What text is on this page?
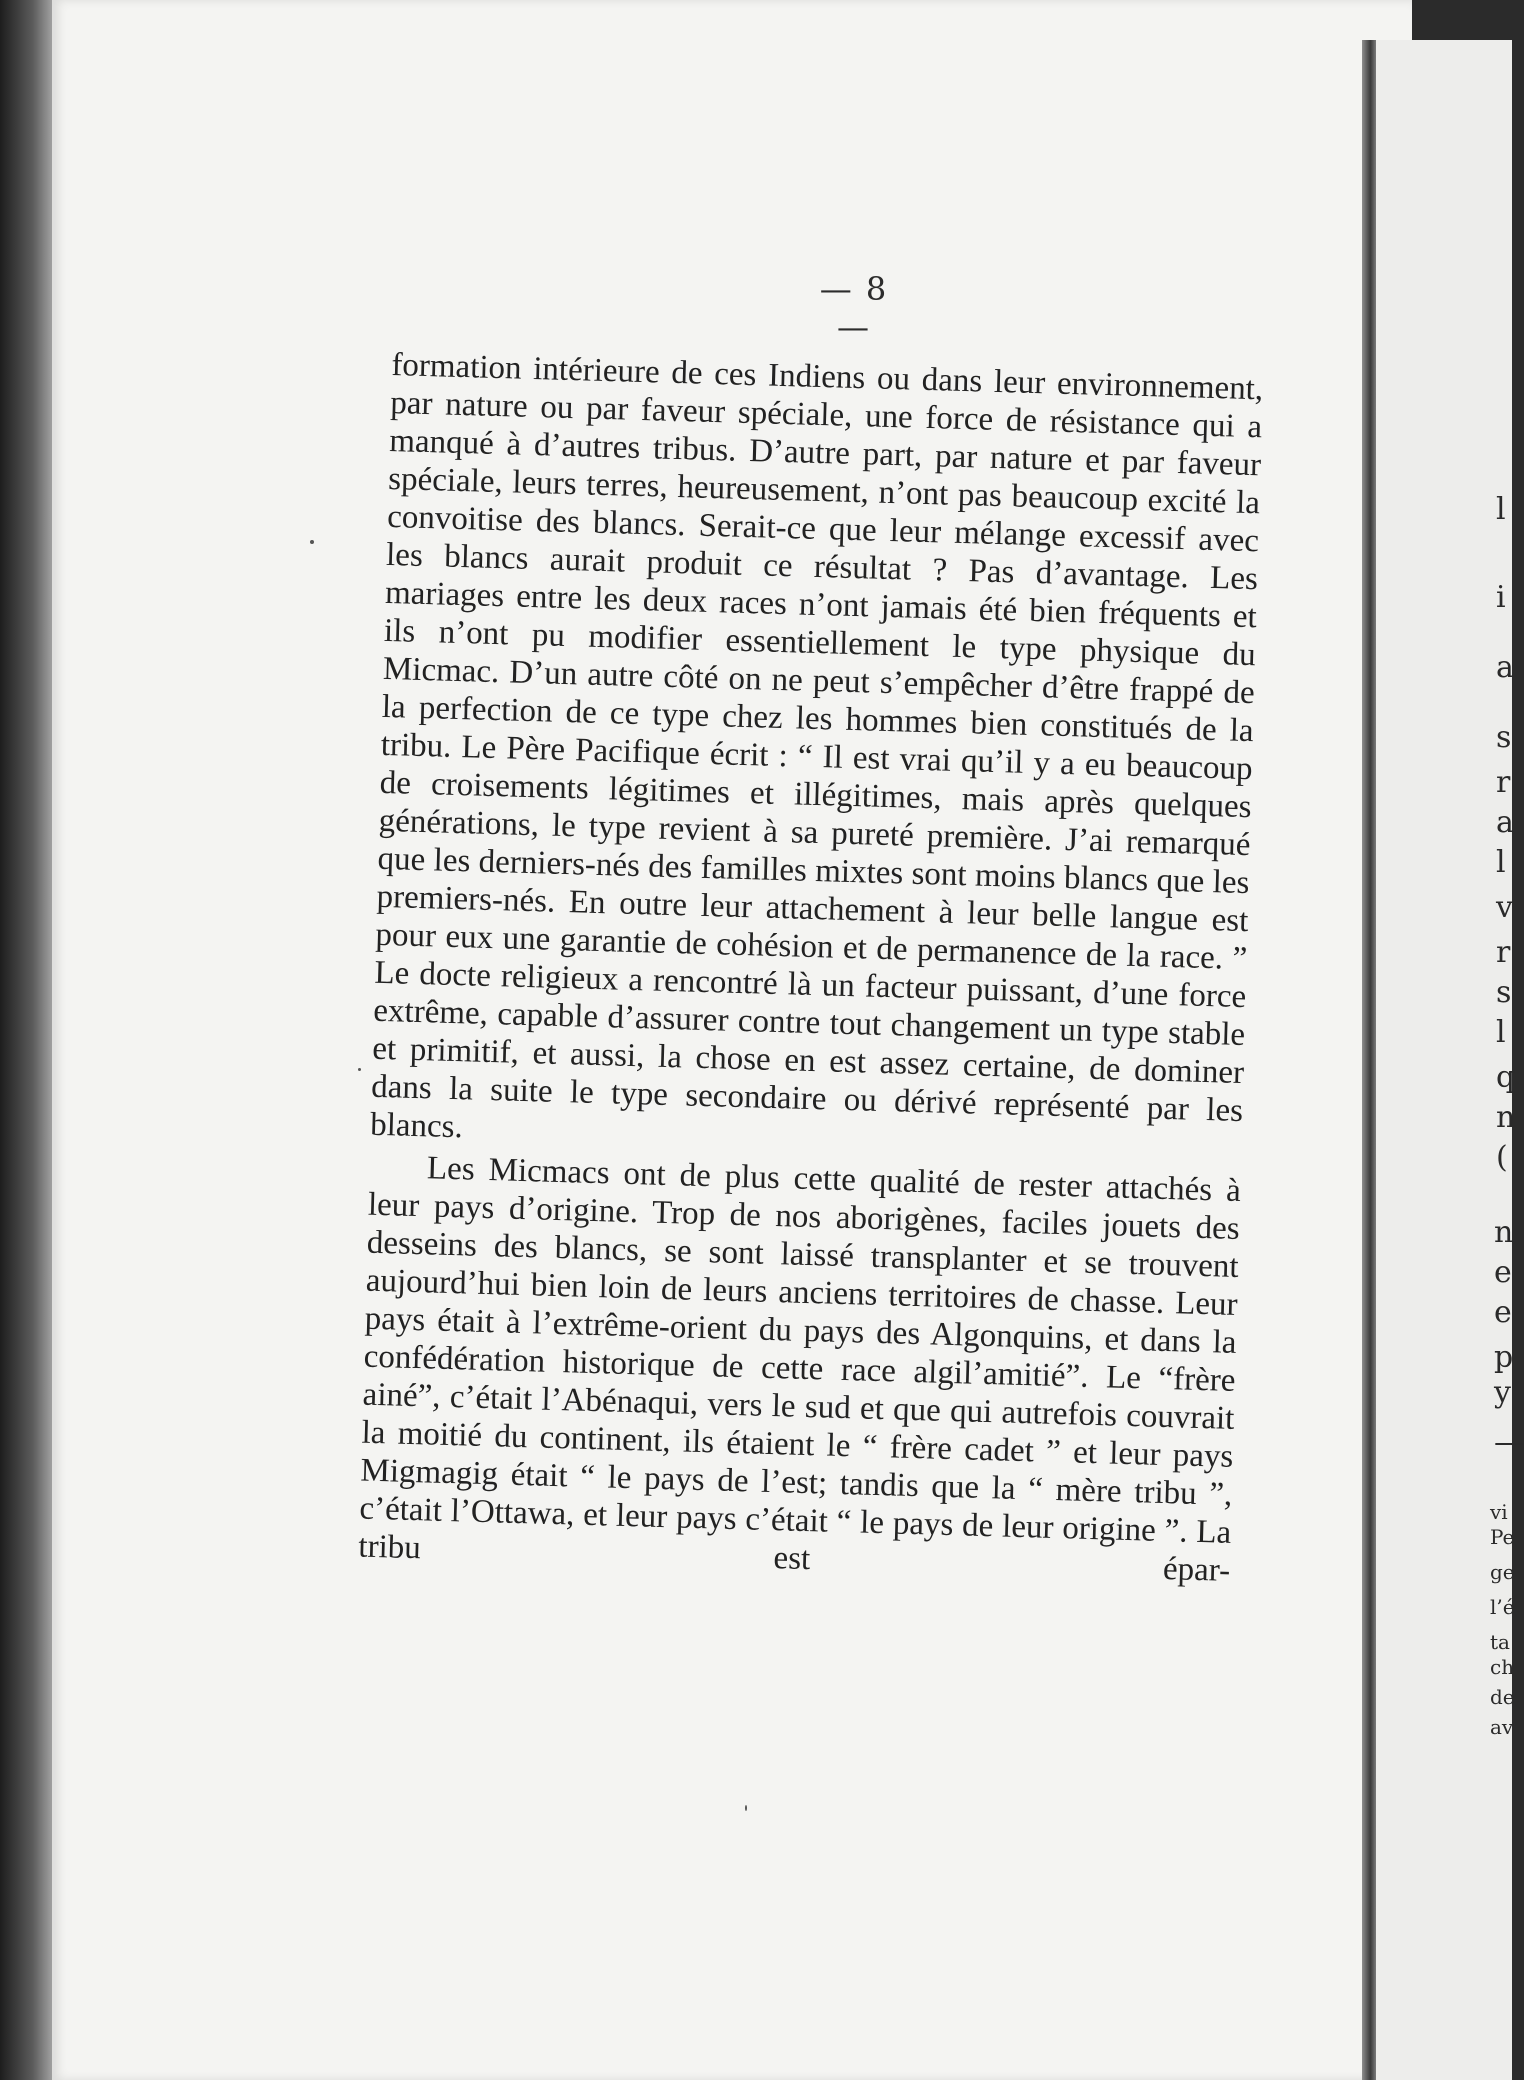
— 8 —

formation intérieure de ces Indiens ou dans leur environnement, par nature ou par faveur spéciale, une force de résistance qui a manqué à d’autres tribus. D’autre part, par nature et par faveur spéciale, leurs terres, heureusement, n’ont pas beaucoup excité la convoitise des blancs. Serait-ce que leur mélange excessif avec les blancs aurait produit ce résultat ? Pas d’avantage. Les mariages entre les deux races n’ont jamais été bien fréquents et ils n’ont pu modifier essentiellement le type physique du Micmac. D’un autre côté on ne peut s’empêcher d’être frappé de la perfection de ce type chez les hommes bien constitués de la tribu. Le Père Pacifique écrit : “ Il est vrai qu’il y a eu beaucoup de croisements légitimes et illégitimes, mais après quelques générations, le type revient à sa pureté première. J’ai remarqué que les derniers-nés des familles mixtes sont moins blancs que les premiers-nés. En outre leur attachement à leur belle langue est pour eux une garantie de cohésion et de permanence de la race. ” Le docte religieux a rencontré là un facteur puissant, d’une force extrême, capable d’assurer contre tout changement un type stable et primitif, et aussi, la chose en est assez certaine, de dominer dans la suite le type secondaire ou dérivé représenté par les blancs.

Les Micmacs ont de plus cette qualité de rester attachés à leur pays d’origine. Trop de nos aborigènes, faciles jouets des desseins des blancs, se sont laissé transplanter et se trouvent aujourd’hui bien loin de leurs anciens territoires de chasse. Leur pays était à l’extrême-orient du pays des Algonquins, et dans la confédération historique de cette race algil’amitié”. Le “frère ainé”, c’était l’Abénaqui, vers le sud et que qui autrefois couvrait la moitié du continent, ils étaient le “ frère cadet ” et leur pays Migmagig était “ le pays de l’est; tandis que la “ mère tribu ”, c’était l’Ottawa, et leur pays c’était “ le pays de leur origine ”. La tribu est épar-

l
i
a
s
r
a
l
v
r
s
l
q
n
(
n
e
e
p
y
—
vi
Pe
ge
l’é
ta
ch
de
av
